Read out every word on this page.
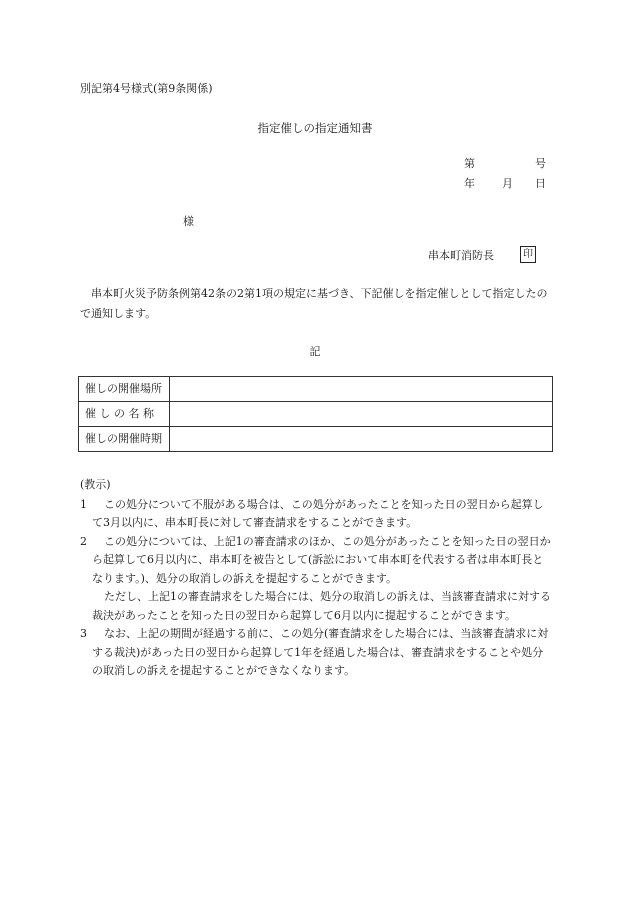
別記第4号様式(第9条関係)
指定催しの指定通知書
第	号
年 月 日
様
串本町消防長	印
串本町火災予防条例第42条の2第1項の規定に基づき、下記催しを指定催しとして指定したので通知します。
記
催しの開催場所	
催 し の 名 称	
催しの開催時期	
(教示)
1	この処分について不服がある場合は、この処分があったことを知った日の翌日から起算して3月以内に、串本町長に対して審査請求をすることができます。
2	この処分については、上記1の審査請求のほか、この処分があったことを知った日の翌日から起算して6月以内に、串本町を被告として(訴訟において串本町を代表する者は串本町長となります。)、処分の取消しの訴えを提起することができます。
ただし、上記1の審査請求をした場合には、処分の取消しの訴えは、当該審査請求に対する裁決があったことを知った日の翌日から起算して6月以内に提起することができます。
3	なお、上記の期間が経過する前に、この処分(審査請求をした場合には、当該審査請求に対する裁決)があった日の翌日から起算して1年を経過した場合は、審査請求をすることや処分の取消しの訴えを提起することができなくなります。
